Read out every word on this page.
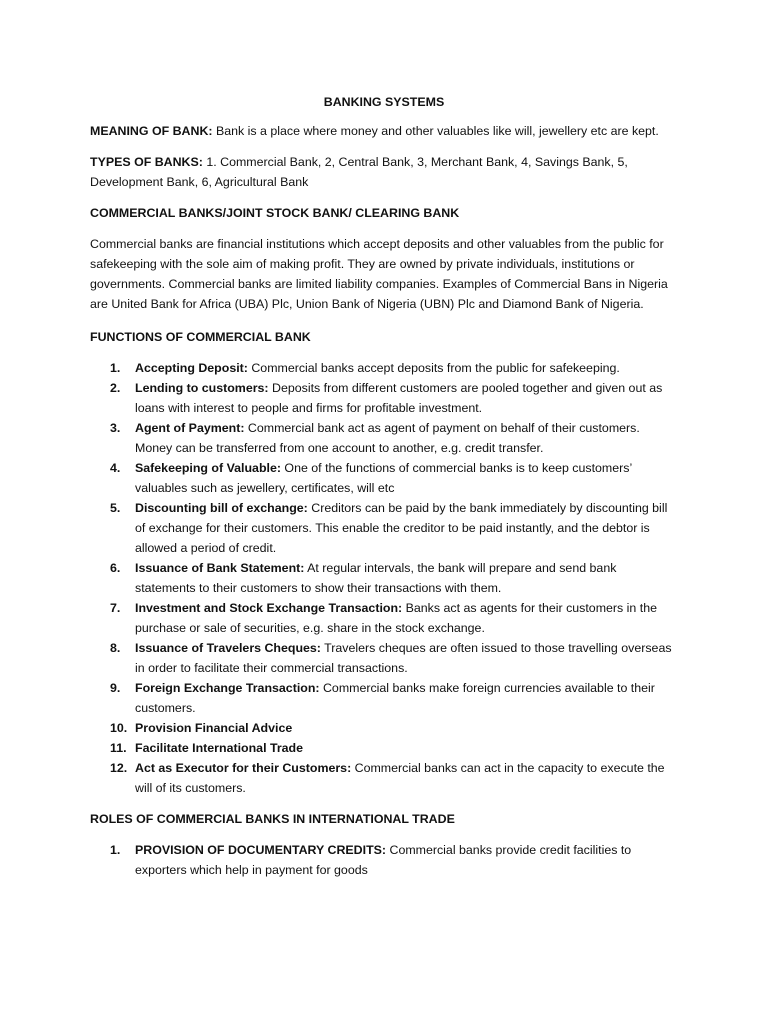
BANKING SYSTEMS

MEANING OF BANK: Bank is a place where money and other valuables like will, jewellery etc are kept.

TYPES OF BANKS: 1. Commercial Bank, 2, Central Bank, 3, Merchant Bank, 4, Savings Bank, 5, Development Bank, 6, Agricultural Bank

COMMERCIAL BANKS/JOINT STOCK BANK/ CLEARING BANK

Commercial banks are financial institutions which accept deposits and other valuables from the public for safekeeping with the sole aim of making profit. They are owned by private individuals, institutions or governments. Commercial banks are limited liability companies. Examples of Commercial Bans in Nigeria are United Bank for Africa (UBA) Plc, Union Bank of Nigeria (UBN) Plc and Diamond Bank of Nigeria.

FUNCTIONS OF COMMERCIAL BANK
1.	Accepting Deposit: Commercial banks accept deposits from the public for safekeeping.
2.	Lending to customers: Deposits from different customers are pooled together and given out as loans with interest to people and firms for profitable investment.
3.	Agent of Payment: Commercial bank act as agent of payment on behalf of their customers. Money can be transferred from one account to another, e.g. credit transfer.
4.	Safekeeping of Valuable: One of the functions of commercial banks is to keep customers’ valuables such as jewellery, certificates, will etc
5.	Discounting bill of exchange: Creditors can be paid by the bank immediately by discounting bill of exchange for their customers. This enable the creditor to be paid instantly, and the debtor is allowed a period of credit.
6.	Issuance of Bank Statement: At regular intervals, the bank will prepare and send bank statements to their customers to show their transactions with them.
7.	Investment and Stock Exchange Transaction: Banks act as agents for their customers in the purchase or sale of securities, e.g. share in the stock exchange.
8.	Issuance of Travelers Cheques: Travelers cheques are often issued to those travelling overseas in order to facilitate their commercial transactions.
9.	Foreign Exchange Transaction: Commercial banks make foreign currencies available to their customers.
10. Provision Financial Advice
11. Facilitate International Trade
12. Act as Executor for their Customers: Commercial banks can act in the capacity to execute the will of its customers.
ROLES OF COMMERCIAL BANKS IN INTERNATIONAL TRADE
1.	PROVISION OF DOCUMENTARY CREDITS: Commercial banks provide credit facilities to exporters which help in payment for goods
